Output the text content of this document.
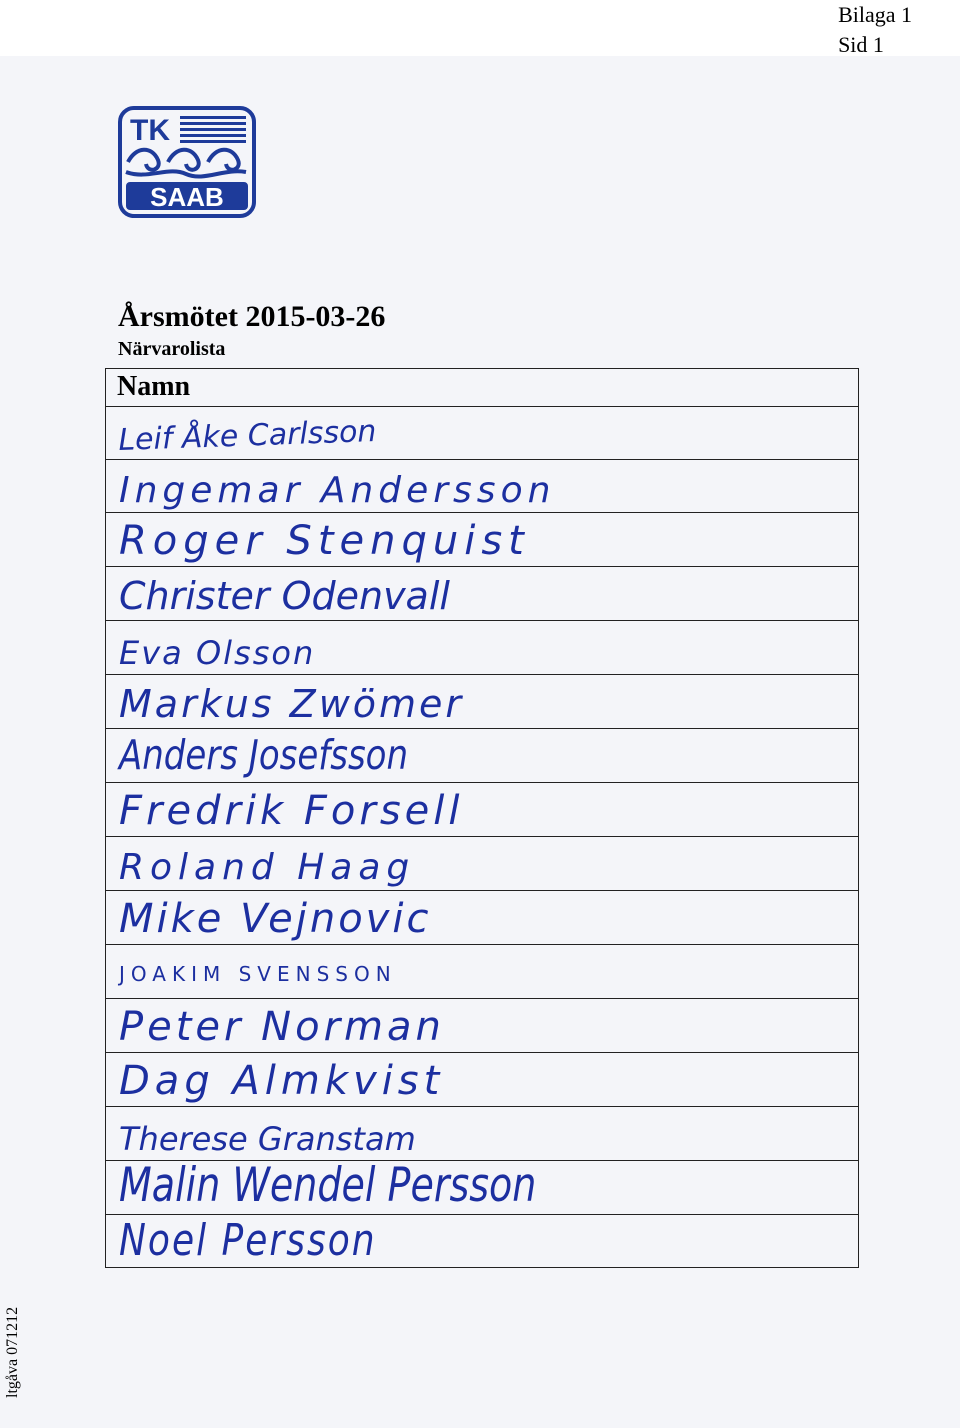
Bilaga 1
Sid 1
TK
SAAB
Årsmötet 2015-03-26
Närvarolista
Namn
Leif Åke Carlsson
Ingemar Andersson
Roger Stenquist
Christer Odenvall
Eva Olsson
Markus Zwömer
Anders Josefsson
Fredrik Forsell
Roland Haag
Mike Vejnovic
JOAKIM SVENSSON
Peter Norman
Dag Almkvist
Therese Granstam
Malin Wendel Persson
Noel Persson
ltgåva 071212
